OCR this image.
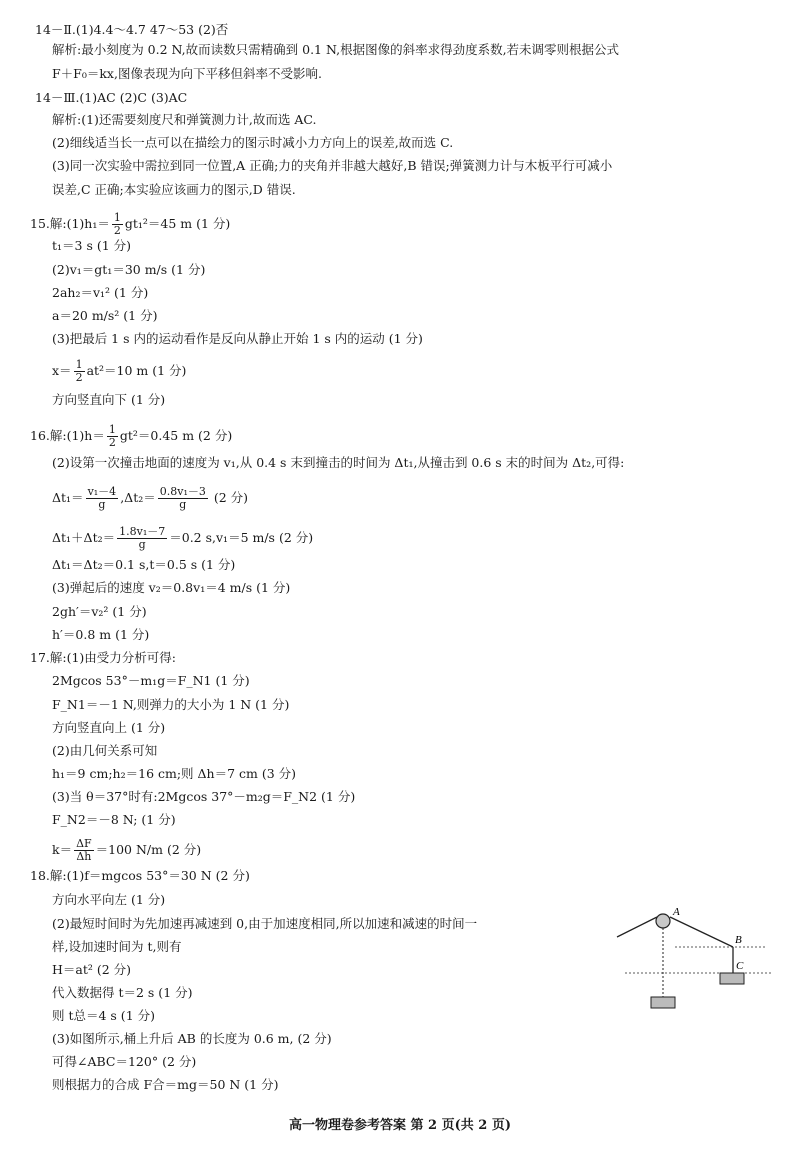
14－Ⅱ.(1)4.4～4.7 47～53 (2)否
解析:最小刻度为 0.2 N,故而读数只需精确到 0.1 N,根据图像的斜率求得劲度系数,若未调零则根据公式
F＋F₀＝kx,图像表现为向下平移但斜率不受影响.
14－Ⅲ.(1)AC (2)C (3)AC
解析:(1)还需要刻度尺和弹簧测力计,故而选 AC.
(2)细线适当长一点可以在描绘力的图示时减小力方向上的误差,故而选 C.
(3)同一次实验中需拉到同一位置,A 正确;力的夹角并非越大越好,B 错误;弹簧测力计与木板平行可减小
误差,C 正确;本实验应该画力的图示,D 错误.
15.解:(1)h₁＝ $\frac{1}{2} gt_1^2=45$ m (1 分)
t₁＝3 s (1 分)
(2)v₁＝gt₁＝30 m/s (1 分)
2ah₂＝v₁² (1 分)
a＝20 m/s² (1 分)
(3)把最后 1 s 内的运动看作是反向从静止开始 1 s 内的运动 (1 分)
$x= \frac{1}{2} at^2=10$ m (1 分)
方向竖直向下 (1 分)
16.解:(1)h＝ $\frac{1}{2} gt^2=0.45$ m (2 分)
(2)设第一次撞击地面的速度为 v₁,从 0.4 s 末到撞击的时间为 Δt₁,从撞击到 0.6 s 末的时间为 Δt₂,可得:
$\Delta t_1= \frac{\text{v₁－4}}{g} ,\Delta t_2= \frac{\text{0.8v₁－3}}{g} (2$ 分)
$\Delta t_1+\Delta t_2= \frac{\text{1.8v₁－7}}{g} =0.2$ s,v₁＝5 m/s (2 分)
Δt₁＝Δt₂＝0.1 s,t＝0.5 s (1 分)
(3)弹起后的速度 v₂＝0.8v₁＝4 m/s (1 分)
2gh′＝v₂² (1 分)
h′＝0.8 m (1 分)
17.解:(1)由受力分析可得:
2Mgcos 53°－m₁g＝F_N1 (1 分)
F_N1＝－1 N,则弹力的大小为 1 N (1 分)
方向竖直向上 (1 分)
(2)由几何关系可知
h₁＝9 cm;h₂＝16 cm;则 Δh＝7 cm (3 分)
(3)当 θ＝37°时有:2Mgcos 37°－m₂g＝F_N2 (1 分)
F_N2＝－8 N; (1 分)
$k= \frac{\Delta F}{\Delta h} =100$ N/m (2 分)
18.解:(1)f＝mgcos 53°＝30 N (2 分)
方向水平向左 (1 分)
(2)最短时间时为先加速再减速到 0,由于加速度相同,所以加速和减速的时间一
样,设加速时间为 t,则有
H＝at² (2 分)
代入数据得 t＝2 s (1 分)
则 t总＝4 s (1 分)
(3)如图所示,桶上升后 AB 的长度为 0.6 m, (2 分)
可得∠ABC＝120° (2 分)
则根据力的合成 F合＝mg＝50 N (1 分)
A
B
C
高一物理卷参考答案 第 2 页(共 2 页)
